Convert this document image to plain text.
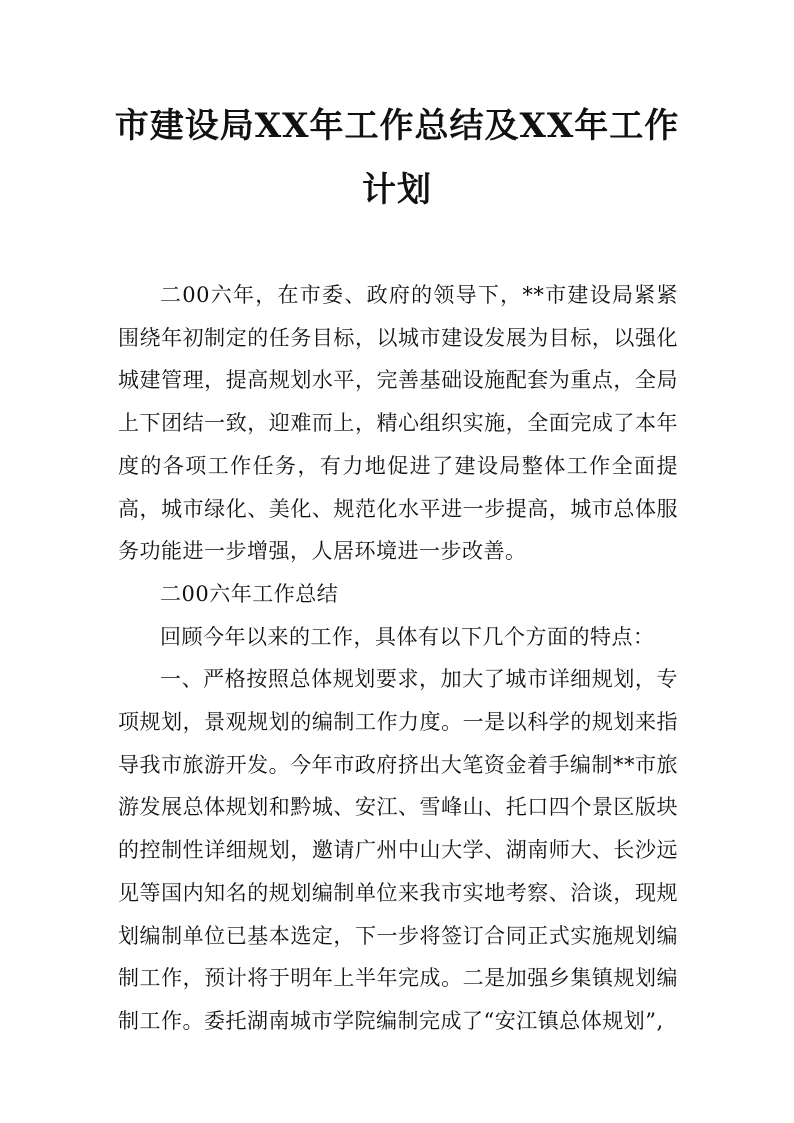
市建设局XX年工作总结及XX年工作
计划

二00六年，在市委、政府的领导下，**市建设局紧紧围绕年初制定的任务目标，以城市建设发展为目标，以强化城建管理，提高规划水平，完善基础设施配套为重点，全局上下团结一致，迎难而上，精心组织实施，全面完成了本年度的各项工作任务，有力地促进了建设局整体工作全面提高，城市绿化、美化、规范化水平进一步提高，城市总体服务功能进一步增强，人居环境进一步改善。

二00六年工作总结

回顾今年以来的工作，具体有以下几个方面的特点：

一、严格按照总体规划要求，加大了城市详细规划，专项规划，景观规划的编制工作力度。一是以科学的规划来指导我市旅游开发。今年市政府挤出大笔资金着手编制**市旅游发展总体规划和黔城、安江、雪峰山、托口四个景区版块的控制性详细规划，邀请广州中山大学、湖南师大、长沙远见等国内知名的规划编制单位来我市实地考察、洽谈，现规划编制单位已基本选定，下一步将签订合同正式实施规划编制工作，预计将于明年上半年完成。二是加强乡集镇规划编制工作。委托湖南城市学院编制完成了“安江镇总体规划”,
